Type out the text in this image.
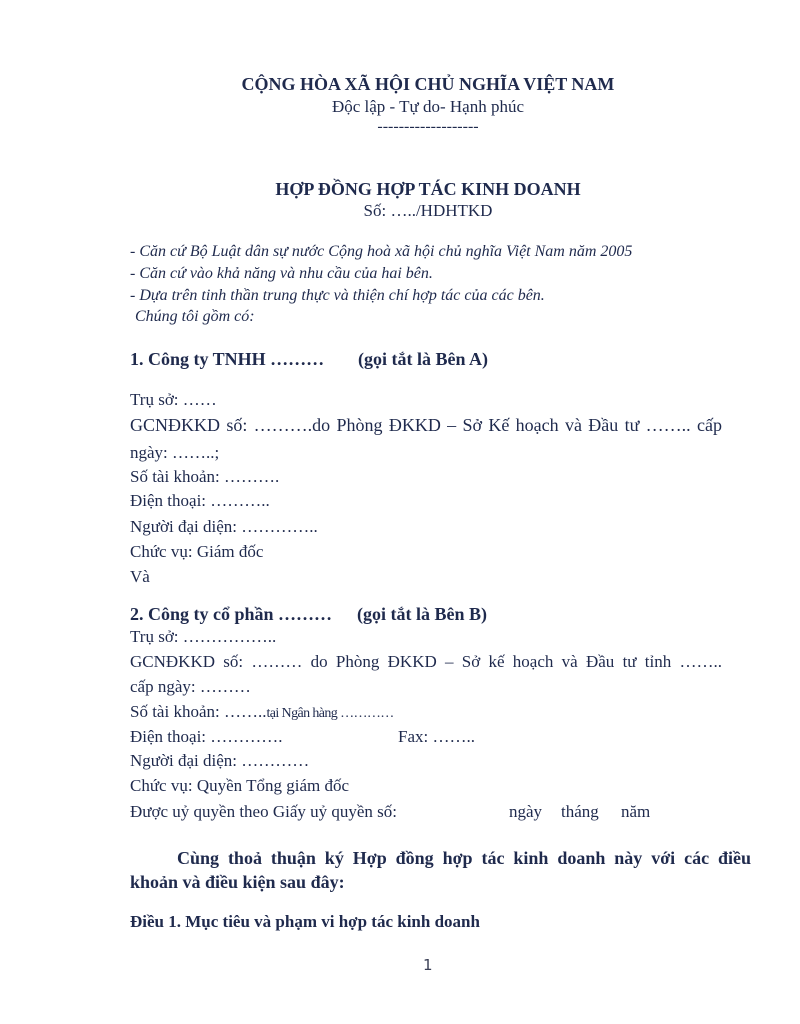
CỘNG HÒA XÃ HỘI CHỦ NGHĨA VIỆT NAM
Độc lập - Tự do- Hạnh phúc
-------------------
HỢP ĐỒNG HỢP TÁC KINH DOANH
Số: …../HDHTKD
- Căn cứ Bộ Luật dân sự nước Cộng hoà xã hội chủ nghĩa Việt Nam năm 2005
- Căn cứ vào khả năng và nhu cầu của hai bên.
- Dựa trên tinh thần trung thực và thiện chí hợp tác của các bên.
Chúng tôi gồm có:
1. Công ty TNHH ……… (gọi tắt là Bên A)
Trụ sở: ……
GCNĐKKD số: ……….do Phòng ĐKKD – Sở Kế hoạch và Đầu tư …….. cấp
ngày: ……..;
Số tài khoản: ……….
Điện thoại: ………..
Người đại diện: …………..
Chức vụ: Giám đốc
Và
2. Công ty cổ phần ……… (gọi tắt là Bên B)
Trụ sở: ……………..
GCNĐKKD số: ……… do Phòng ĐKKD – Sở kế hoạch và Đầu tư tỉnh ……..
cấp ngày: ………
Số tài khoản: ……..tại Ngân hàng …………
Điện thoại: ………….	Fax: ……..
Người đại diện: …………
Chức vụ: Quyền Tổng giám đốc
Được uỷ quyền theo Giấy uỷ quyền số:	ngày tháng năm
Cùng thoả thuận ký Hợp đồng hợp tác kinh doanh này với các điều
khoản và điều kiện sau đây:
Điều 1. Mục tiêu và phạm vi hợp tác kinh doanh
1
